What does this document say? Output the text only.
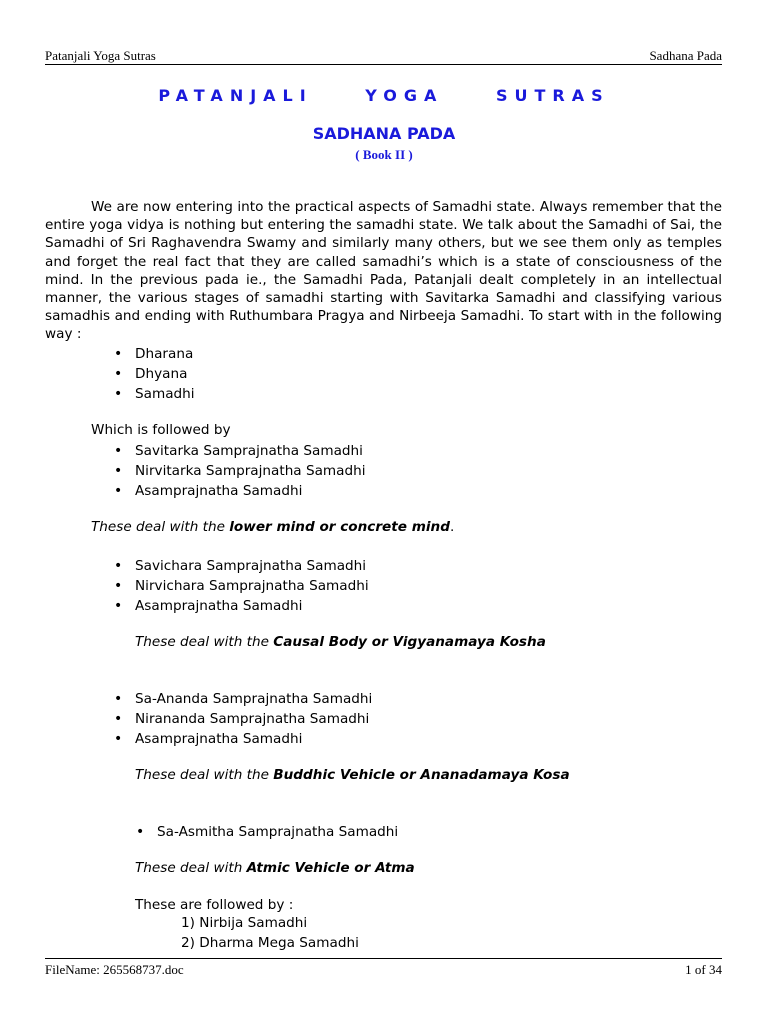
Patanjali Yoga Sutras	Sadhana Pada
PATANJALI YOGA SUTRAS
SADHANA PADA
( Book II )

We are now entering into the practical aspects of Samadhi state. Always remember that the entire yoga vidya is nothing but entering the samadhi state. We talk about the Samadhi of Sai, the Samadhi of Sri Raghavendra Swamy and similarly many others, but we see them only as temples and forget the real fact that they are called samadhi’s which is a state of consciousness of the mind. In the previous pada ie., the Samadhi Pada, Patanjali dealt completely in an intellectual manner, the various stages of samadhi starting with Savitarka Samadhi and classifying various samadhis and ending with Ruthumbara Pragya and Nirbeeja Samadhi. To start with in the following way :

• Dharana
• Dhyana
• Samadhi

Which is followed by

• Savitarka Samprajnatha Samadhi
• Nirvitarka Samprajnatha Samadhi
• Asamprajnatha Samadhi

These deal with the lower mind or concrete mind.

• Savichara Samprajnatha Samadhi
• Nirvichara Samprajnatha Samadhi
• Asamprajnatha Samadhi

These deal with the Causal Body or Vigyanamaya Kosha

• Sa-Ananda Samprajnatha Samadhi
• Nirananda Samprajnatha Samadhi
• Asamprajnatha Samadhi

These deal with the Buddhic Vehicle or Ananadamaya Kosa

• Sa-Asmitha Samprajnatha Samadhi

These deal with Atmic Vehicle or Atma

These are followed by :

1) Nirbija Samadhi
2) Dharma Mega Samadhi
FileName: 265568737.doc	1 of 34
